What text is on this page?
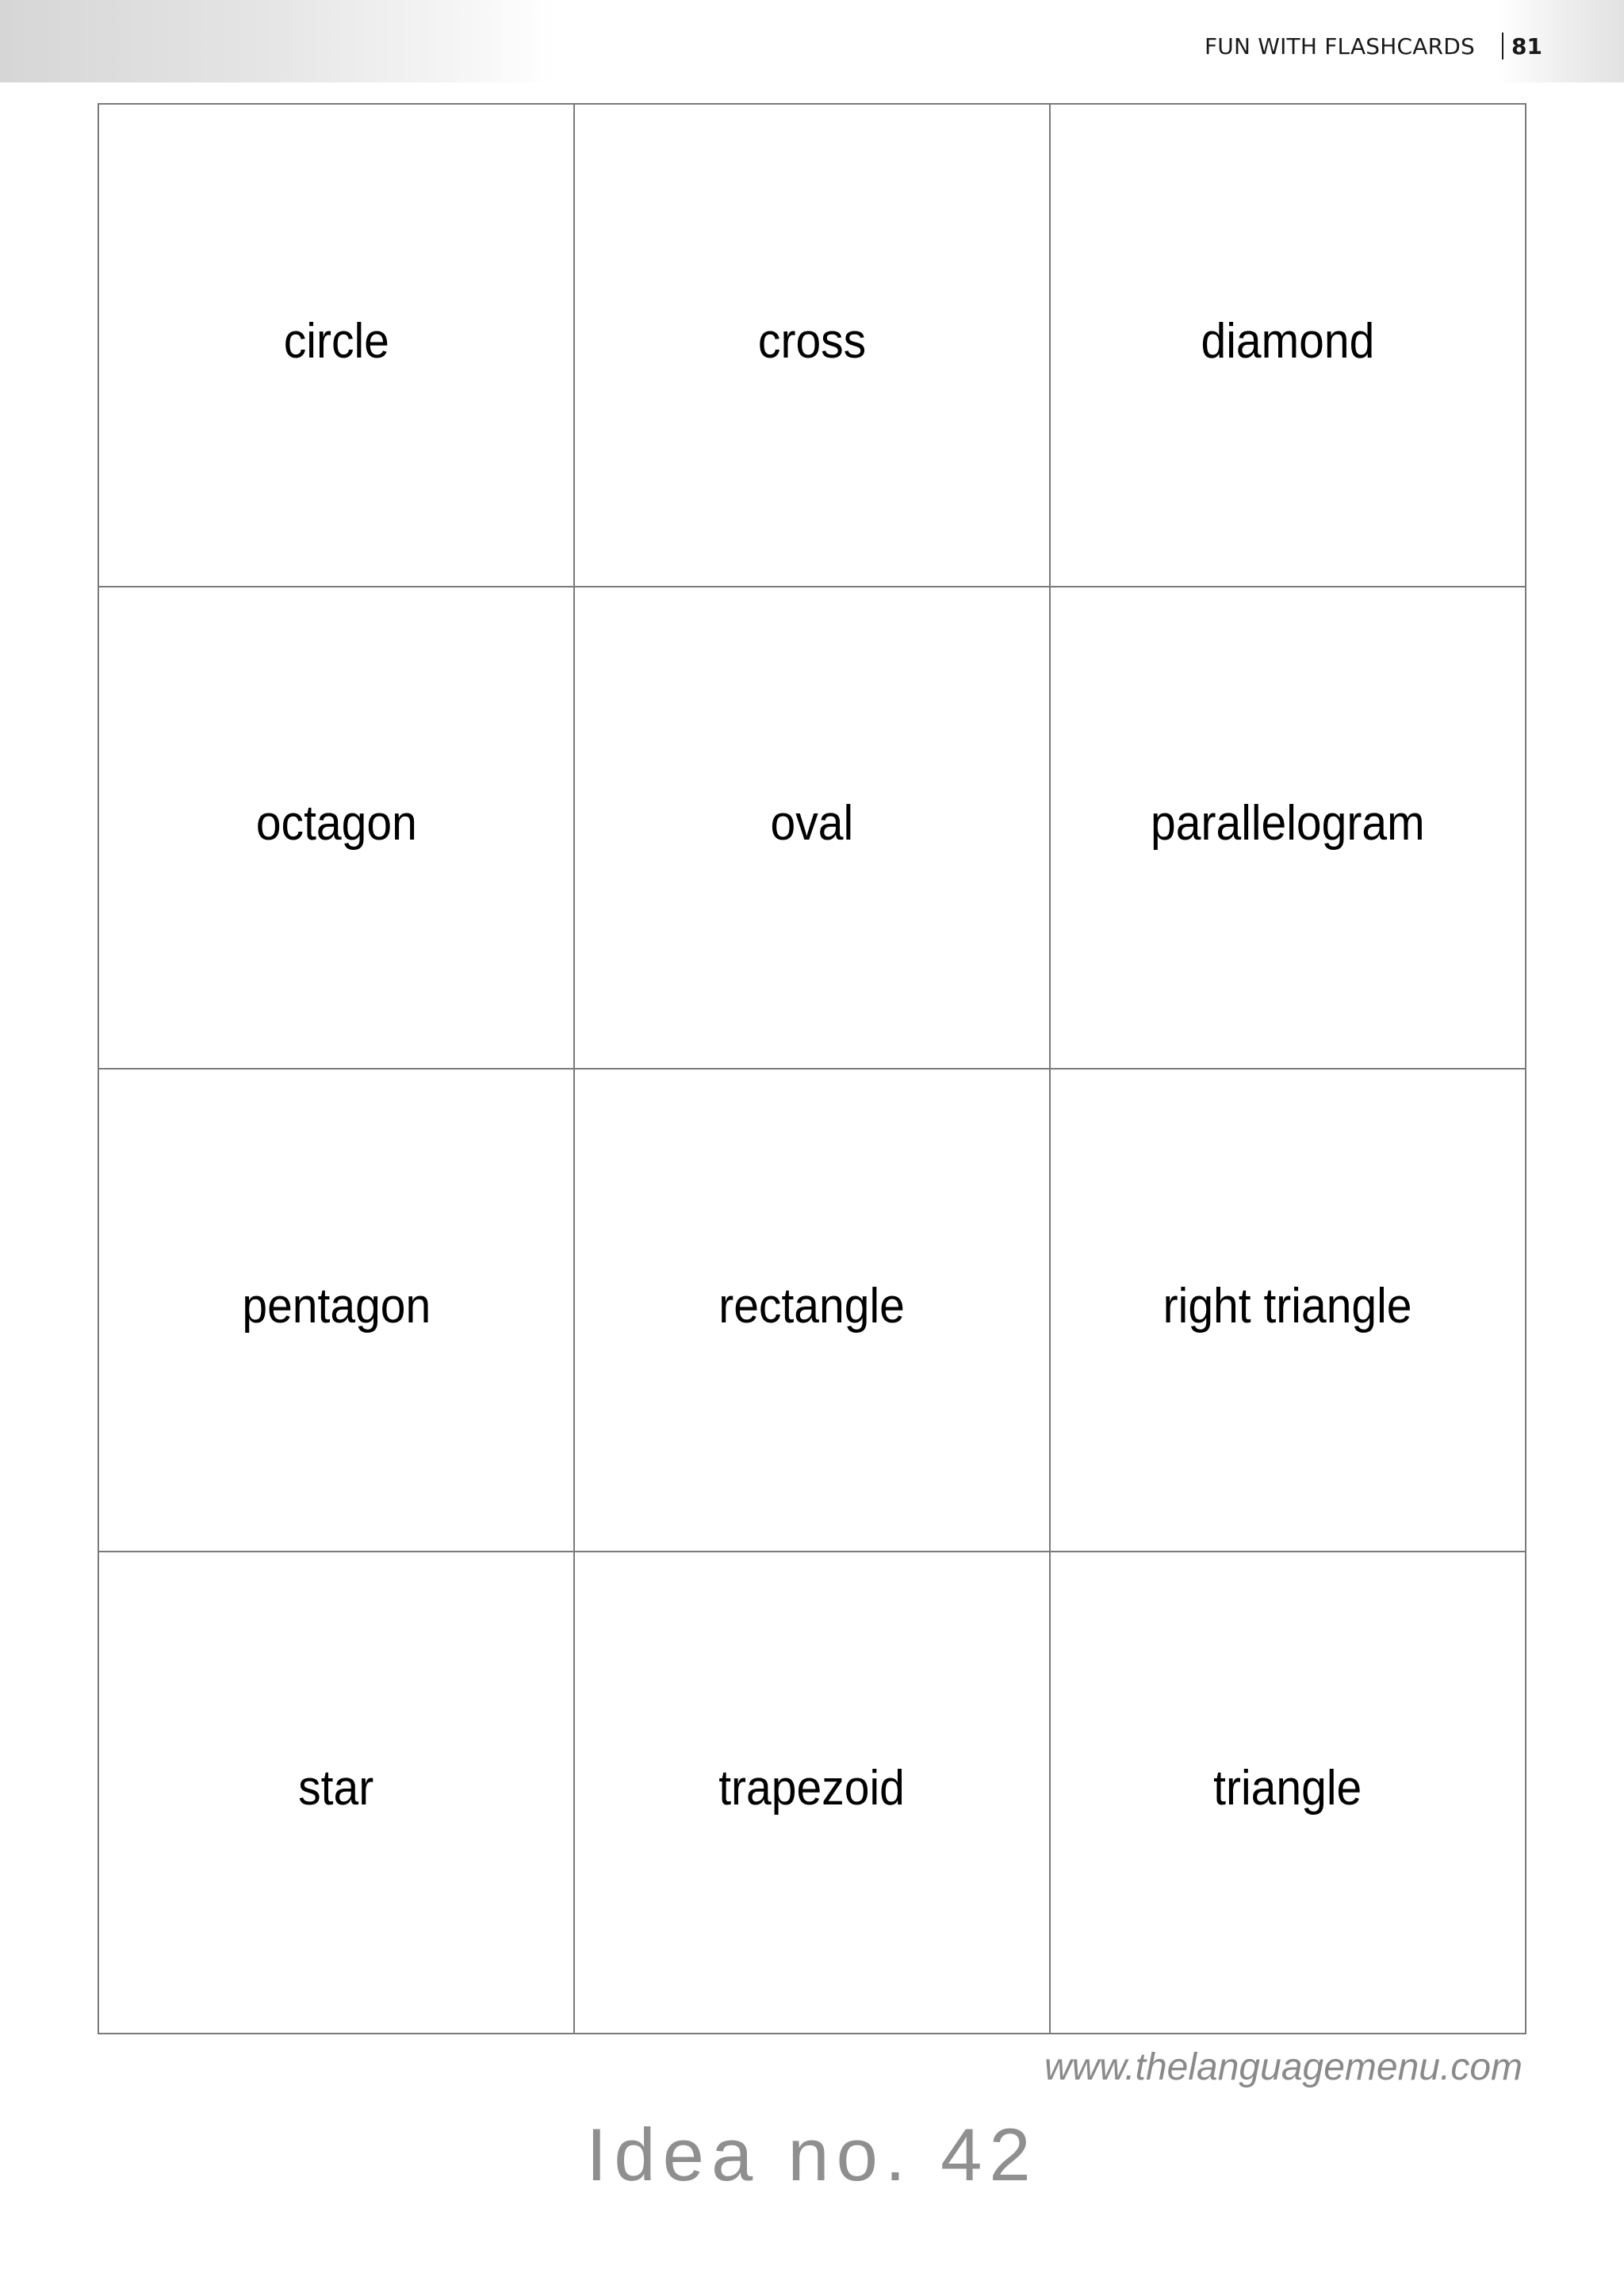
FUN WITH FLASHCARDS 81
circle	cross	diamond
octagon	oval	parallelogram
pentagon	rectangle	right triangle
star	trapezoid	triangle
www.thelanguagemenu.com
Idea no. 42
